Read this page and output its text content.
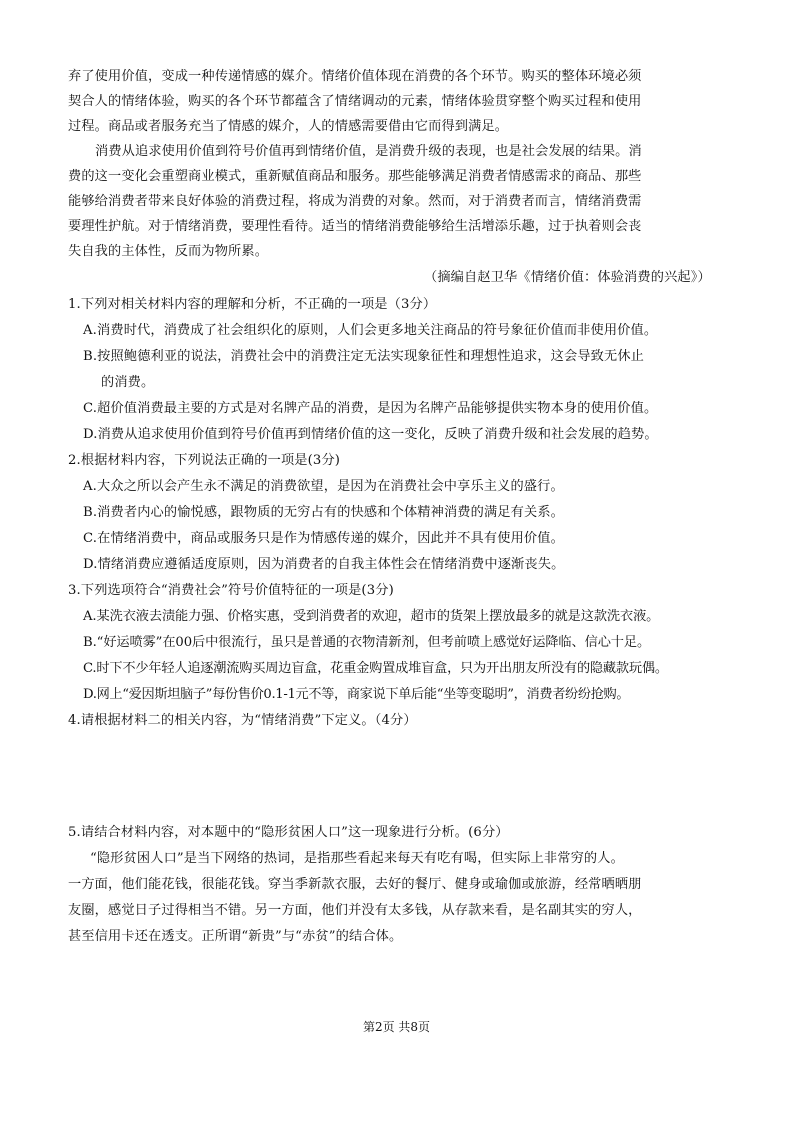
弃了使用价值，变成一种传递情感的媒介。情绪价值体现在消费的各个环节。购买的整体环境必须
契合人的情绪体验，购买的各个环节都蕴含了情绪调动的元素，情绪体验贯穿整个购买过程和使用
过程。商品或者服务充当了情感的媒介，人的情感需要借由它而得到满足。
消费从追求使用价值到符号价值再到情绪价值，是消费升级的表现，也是社会发展的结果。消
费的这一变化会重塑商业模式，重新赋值商品和服务。那些能够满足消费者情感需求的商品、那些
能够给消费者带来良好体验的消费过程，将成为消费的对象。然而，对于消费者而言，情绪消费需
要理性护航。对于情绪消费，要理性看待。适当的情绪消费能够给生活增添乐趣，过于执着则会丧
失自我的主体性，反而为物所累。
（摘编自赵卫华《情绪价值：体验消费的兴起》）
1.下列对相关材料内容的理解和分析，不正确的一项是（3分）
A.消费时代，消费成了社会组织化的原则，人们会更多地关注商品的符号象征价值而非使用价值。
B.按照鲍德利亚的说法，消费社会中的消费注定无法实现象征性和理想性追求，这会导致无休止
的消费。
C.超价值消费最主要的方式是对名牌产品的消费，是因为名牌产品能够提供实物本身的使用价值。
D.消费从追求使用价值到符号价值再到情绪价值的这一变化，反映了消费升级和社会发展的趋势。
2.根据材料内容，下列说法正确的一项是(3分)
A.大众之所以会产生永不满足的消费欲望，是因为在消费社会中享乐主义的盛行。
B.消费者内心的愉悦感，跟物质的无穷占有的快感和个体精神消费的满足有关系。
C.在情绪消费中，商品或服务只是作为情感传递的媒介，因此并不具有使用价值。
D.情绪消费应遵循适度原则，因为消费者的自我主体性会在情绪消费中逐渐丧失。
3.下列选项符合“消费社会”符号价值特征的一项是(3分)
A.某洗衣液去渍能力强、价格实惠，受到消费者的欢迎，超市的货架上摆放最多的就是这款洗衣液。
B.“好运喷雾”在00后中很流行，虽只是普通的衣物清新剂，但考前喷上感觉好运降临、信心十足。
C.时下不少年轻人追逐潮流购买周边盲盒，花重金购置成堆盲盒，只为开出朋友所没有的隐藏款玩偶。
D.网上“爱因斯坦脑子”每份售价0.1-1元不等，商家说下单后能“坐等变聪明”，消费者纷纷抢购。
4.请根据材料二的相关内容，为“情绪消费”下定义。（4分）
5.请结合材料内容，对本题中的“隐形贫困人口”这一现象进行分析。(6分）
“隐形贫困人口”是当下网络的热词，是指那些看起来每天有吃有喝，但实际上非常穷的人。
一方面，他们能花钱，很能花钱。穿当季新款衣服，去好的餐厅、健身或瑜伽或旅游，经常晒晒朋
友圈，感觉日子过得相当不错。另一方面，他们并没有太多钱，从存款来看，是名副其实的穷人，
甚至信用卡还在透支。正所谓“新贵”与“赤贫”的结合体。
第2页 共8页
